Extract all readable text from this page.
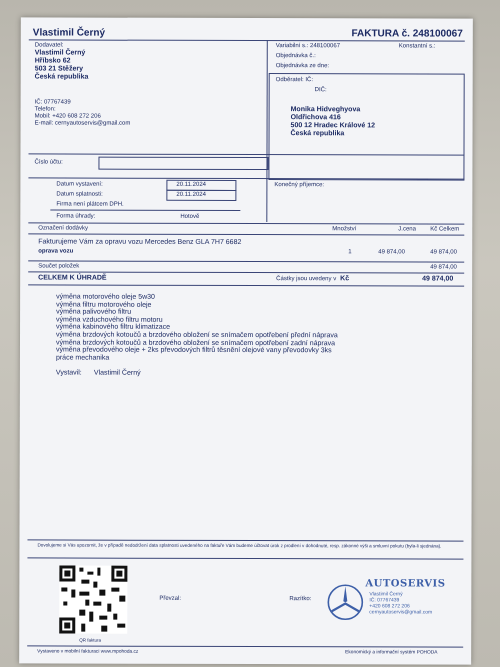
Vlastimil Černý	FAKTURA č. 248100067
Dodavatel:
Vlastimil Černý
Hříbsko 62
503 21 Stěžery
Česká republika
IČ: 07767439
Telefon:
Mobil: +420 608 272 206
E-mail: cernyautoservis@gmail.com
Variabilní s.: 248100067	Konstantní s.:
Objednávka č.:
Objednávka ze dne:
Odběratel: IČ:
DIČ:
Monika Hidveghyova
Oldřichova 416
500 12 Hradec Králové 12
Česká republika
Číslo účtu:
Datum vystavení:	20.11.2024
Datum splatnosti:	20.11.2024
Firma není plátcem DPH.
Forma úhrady:	Hotově
Konečný příjemce:
Označení dodávky	Množství	J.cena Kč Celkem
Fakturujeme Vám za opravu vozu Mercedes Benz GLA 7H7 6682
oprava vozu	1	49 874,00	49 874,00
Součet položek	49 874,00
CELKEM K ÚHRADĚ	Částky jsou uvedeny v Kč	49 874,00
výměna motorového oleje 5w30
výměna filtru motorového oleje
výměna palivového filtru
výměna vzduchového filtru motoru
výměna kabinového filtru klimatizace
výměna brzdových kotoučů a brzdového obložení se snímačem opotřebení přední náprava
výměna brzdových kotoučů a brzdového obložení se snímačem opotřebení zadní náprava
výměna převodového oleje + 2ks převodových filtrů těsnění olejové vany převodovky 3ks
práce mechanika
Vystavil: Vlastimil Černý
Dovolujeme si Vás upozornit, že v případě nedodržení data splatnosti uvedeného na faktuře Vám budeme účtovat úrok z prodlení v dohodnuté, resp. zákonné výši a smluvní pokutu (byla-li sjednána).
QR faktura
Převzal:	Razítko:
AUTOSERVIS
Vlastimil Černý
IČ: 07767439
+420 608 272 206
cernyautoservis@gmail.com
Vystaveno v mobilní fakturaci www.mpohoda.cz	Ekonomický a informační systém POHODA
